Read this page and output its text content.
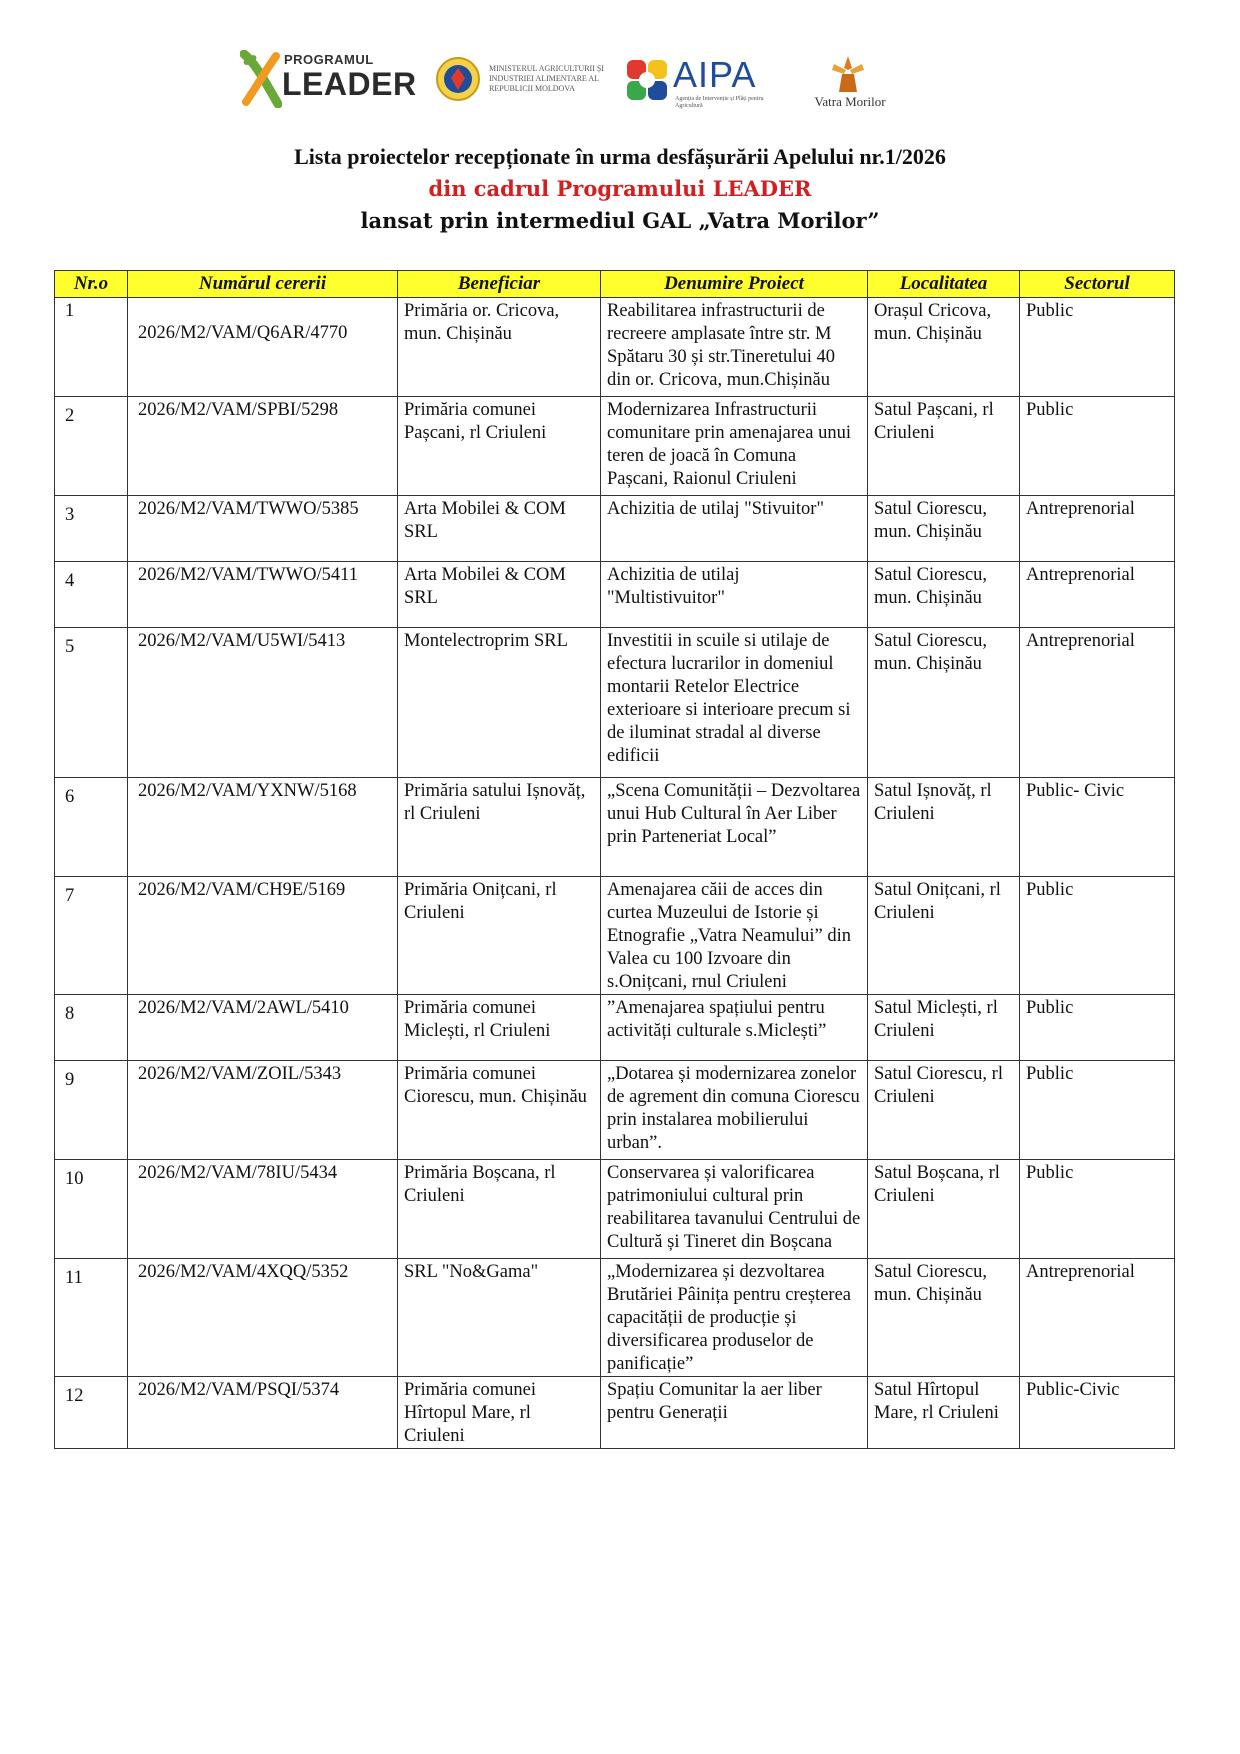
PROGRAMUL
LEADER	MINISTERUL AGRICULTURII ȘI INDUSTRIEI ALIMENTARE AL REPUBLICII MOLDOVA	AIPA
Agenția de Intervenție și Plăți pentru Agricultură	Vatra Morilor
Lista proiectelor recepționate în urma desfășurării Apelului nr.1/2026
din cadrul Programului LEADER
lansat prin intermediul GAL „Vatra Morilor”
Nr.o	Numărul cererii	Beneficiar	Denumire Proiect	Localitatea	Sectorul
1	2026/M2/VAM/Q6AR/4770	Primăria or. Cricova, mun. Chișinău	Reabilitarea infrastructurii de recreere amplasate între str. M Spătaru 30 și str.Tineretului 40 din or. Cricova, mun.Chișinău	Orașul Cricova, mun. Chișinău	Public

2	2026/M2/VAM/SPBI/5298	Primăria comunei Pașcani, rl Criuleni	Modernizarea Infrastructurii comunitare prin amenajarea unui teren de joacă în Comuna Pașcani, Raionul Criuleni	Satul Pașcani, rl Criuleni	Public

3	2026/M2/VAM/TWWO/5385	Arta Mobilei & COM SRL	Achizitia de utilaj "Stivuitor"	Satul Ciorescu, mun. Chișinău	Antreprenorial

4	2026/M2/VAM/TWWO/5411	Arta Mobilei & COM SRL	Achizitia de utilaj "Multistivuitor"	Satul Ciorescu, mun. Chișinău	Antreprenorial

5	2026/M2/VAM/U5WI/5413	Montelectroprim SRL	Investitii in scuile si utilaje de efectura lucrarilor in domeniul montarii Retelor Electrice exterioare si interioare precum si de iluminat stradal al diverse edificii	Satul Ciorescu, mun. Chișinău	Antreprenorial

6	2026/M2/VAM/YXNW/5168	Primăria satului Ișnovăț, rl Criuleni	„Scena Comunității – Dezvoltarea unui Hub Cultural în Aer Liber prin Parteneriat Local”	Satul Ișnovăț, rl Criuleni	Public- Civic

7	2026/M2/VAM/CH9E/5169	Primăria Onițcani, rl Criuleni	Amenajarea căii de acces din curtea Muzeului de Istorie și Etnografie „Vatra Neamului” din Valea cu 100 Izvoare din s.Onițcani, rnul Criuleni	Satul Onițcani, rl Criuleni	Public

8	2026/M2/VAM/2AWL/5410	Primăria comunei Miclești, rl Criuleni	”Amenajarea spațiului pentru activități culturale s.Miclești”	Satul Miclești, rl Criuleni	Public

9	2026/M2/VAM/ZOIL/5343	Primăria comunei Ciorescu, mun. Chișinău	„Dotarea și modernizarea zonelor de agrement din comuna Ciorescu prin instalarea mobilierului urban”.	Satul Ciorescu, rl Criuleni	Public

10	2026/M2/VAM/78IU/5434	Primăria Boșcana, rl Criuleni	Conservarea și valorificarea patrimoniului cultural prin reabilitarea tavanului Centrului de Cultură și Tineret din Boșcana	Satul Boșcana, rl Criuleni	Public

11	2026/M2/VAM/4XQQ/5352	SRL "No&Gama"	„Modernizarea și dezvoltarea Brutăriei Pâinița pentru creșterea capacității de producție și diversificarea produselor de panificație”	Satul Ciorescu, mun. Chișinău	Antreprenorial

12	2026/M2/VAM/PSQI/5374	Primăria comunei Hîrtopul Mare, rl Criuleni	Spațiu Comunitar la aer liber pentru Generații	Satul Hîrtopul Mare, rl Criuleni	Public-Civic
